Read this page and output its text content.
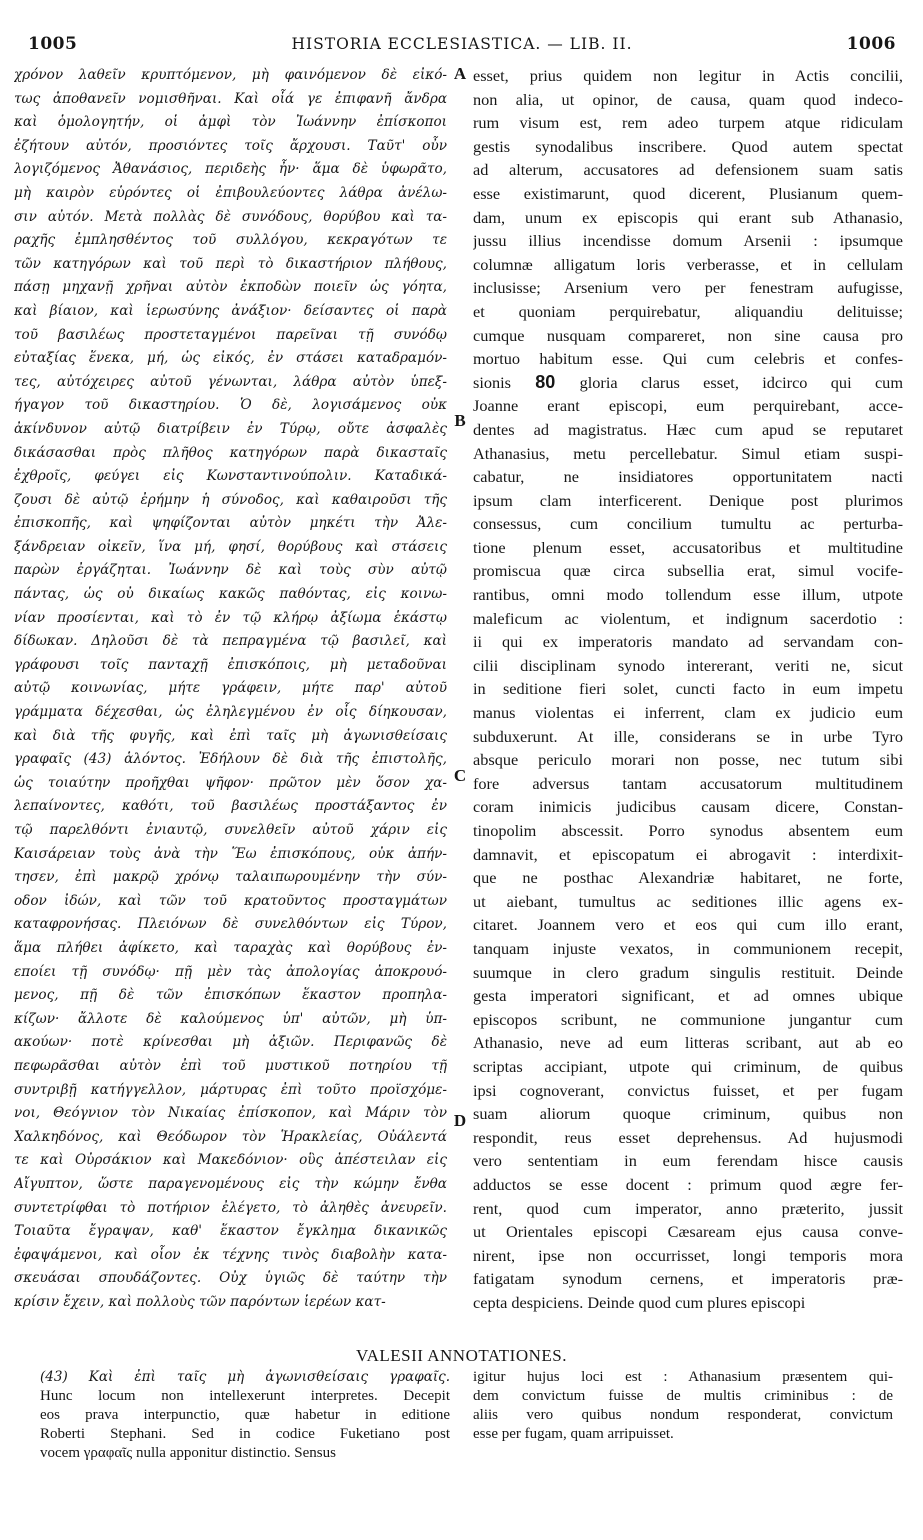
1005	HISTORIA ECCLESIASTICA. — LIB. II.	1006
χρόνον λαθεῖν κρυπτόμενον, μὴ φαινόμενον δὲ εἰκό-
τως ἀποθανεῖν νομισθῆναι. Καὶ οἷά γε ἐπιφανῆ ἄνδρα
καὶ ὁμολογητήν, οἱ ἀμφὶ τὸν Ἰωάννην ἐπίσκοποι
ἐζήτουν αὐτόν, προσιόντες τοῖς ἄρχουσι. Ταῦτ' οὖν
λογιζόμενος Ἀθανάσιος, περιδεὴς ἦν· ἅμα δὲ ὑφωρᾶτο,
μὴ καιρὸν εὑρόντες οἱ ἐπιβουλεύοντες λάθρα ἀνέλω-
σιν αὐτόν. Μετὰ πολλὰς δὲ συνόδους, θορύβου καὶ τα-
ραχῆς ἐμπλησθέντος τοῦ συλλόγου, κεκραγότων τε
τῶν κατηγόρων καὶ τοῦ περὶ τὸ δικαστήριον πλήθους,
πάσῃ μηχανῇ χρῆναι αὐτὸν ἐκποδὼν ποιεῖν ὡς γόητα,
καὶ βίαιον, καὶ ἱερωσύνης ἀνάξιον· δείσαντες οἱ παρὰ
τοῦ βασιλέως προστεταγμένοι παρεῖναι τῇ συνόδῳ
εὐταξίας ἕνεκα, μή, ὡς εἰκός, ἐν στάσει καταδραμόν-
τες, αὐτόχειρες αὐτοῦ γένωνται, λάθρα αὐτὸν ὑπεξ-
ήγαγον τοῦ δικαστηρίου. Ὁ δὲ, λογισάμενος οὐκ
ἀκίνδυνον αὐτῷ διατρίβειν ἐν Τύρῳ, οὔτε ἀσφαλὲς
δικάσασθαι πρὸς πλῆθος κατηγόρων παρὰ δικασταῖς
ἐχθροῖς, φεύγει εἰς Κωνσταντινούπολιν. Καταδικά-
ζουσι δὲ αὐτῷ ἐρήμην ἡ σύνοδος, καὶ καθαιροῦσι τῆς
ἐπισκοπῆς, καὶ ψηφίζονται αὐτὸν μηκέτι τὴν Ἀλε-
ξάνδρειαν οἰκεῖν, ἵνα μή, φησί, θορύβους καὶ στάσεις
παρὼν ἐργάζηται. Ἰωάννην δὲ καὶ τοὺς σὺν αὐτῷ
πάντας, ὡς οὐ δικαίως κακῶς παθόντας, εἰς κοινω-
νίαν προσίενται, καὶ τὸ ἐν τῷ κλήρῳ ἀξίωμα ἑκάστῳ
δίδωκαν. Δηλοῦσι δὲ τὰ πεπραγμένα τῷ βασιλεῖ, καὶ
γράφουσι τοῖς πανταχῇ ἐπισκόποις, μὴ μεταδοῦναι
αὐτῷ κοινωνίας, μήτε γράφειν, μήτε παρ' αὐτοῦ
γράμματα δέχεσθαι, ὡς ἐληλεγμένου ἐν οἷς δίηκουσαν,
καὶ διὰ τῆς φυγῆς, καὶ ἐπὶ ταῖς μὴ ἀγωνισθείσαις
γραφαῖς (43) ἁλόντος. Ἐδήλουν δὲ διὰ τῆς ἐπιστολῆς,
ὡς τοιαύτην προῆχθαι ψῆφον· πρῶτον μὲν ὅσον χα-
λεπαίνοντες, καθότι, τοῦ βασιλέως προστάξαντος ἐν
τῷ παρελθόντι ἐνιαυτῷ, συνελθεῖν αὐτοῦ χάριν εἰς
Καισάρειαν τοὺς ἀνὰ τὴν Ἕω ἐπισκόπους, οὐκ ἀπήν-
τησεν, ἐπὶ μακρῷ χρόνῳ ταλαιπωρουμένην τὴν σύν-
οδον ἰδών, καὶ τῶν τοῦ κρατοῦντος προσταγμάτων
καταφρονήσας. Πλειόνων δὲ συνελθόντων εἰς Τύρον,
ἅμα πλήθει ἀφίκετο, καὶ ταραχὰς καὶ θορύβους ἐν-
εποίει τῇ συνόδῳ· πῇ μὲν τὰς ἀπολογίας ἀποκρουό-
μενος, πῇ δὲ τῶν ἐπισκόπων ἕκαστον προπηλα-
κίζων· ἄλλοτε δὲ καλούμενος ὑπ' αὐτῶν, μὴ ὑπ-
ακούων· ποτὲ κρίνεσθαι μὴ ἀξιῶν. Περιφανῶς δὲ
πεφωρᾶσθαι αὐτὸν ἐπὶ τοῦ μυστικοῦ ποτηρίου τῇ
συντριβῇ κατήγγελλον, μάρτυρας ἐπὶ τοῦτο προϊσχόμε-
νοι, Θεόγνιον τὸν Νικαίας ἐπίσκοπον, καὶ Μάριν τὸν
Χαλκηδόνος, καὶ Θεόδωρον τὸν Ἡρακλείας, Οὐάλεντά
τε καὶ Οὐρσάκιον καὶ Μακεδόνιον· οὓς ἀπέστειλαν εἰς
Αἴγυπτον, ὥστε παραγενομένους εἰς τὴν κώμην ἔνθα
συντετρίφθαι τὸ ποτήριον ἐλέγετο, τὸ ἀληθὲς ἀνευρεῖν.
Τοιαῦτα ἔγραψαν, καθ' ἕκαστον ἔγκλημα δικανικῶς
ἐφαψάμενοι, καὶ οἷον ἐκ τέχνης τινὸς διαβολὴν κατα-
σκευάσαι σπουδάζοντες. Οὐχ ὑγιῶς δὲ ταύτην τὴν
κρίσιν ἔχειν, καὶ πολλοὺς τῶν παρόντων ἱερέων κατ-
A
B
C
D
esset, prius quidem non legitur in Actis concilii,
non alia, ut opinor, de causa, quam quod indeco-
rum visum est, rem adeo turpem atque ridiculam
gestis synodalibus inscribere. Quod autem spectat
ad alterum, accusatores ad defensionem suam satis
esse existimarunt, quod dicerent, Plusianum quem-
dam, unum ex episcopis qui erant sub Athanasio,
jussu illius incendisse domum Arsenii : ipsumque
columnæ alligatum loris verberasse, et in cellulam
inclusisse; Arsenium vero per fenestram aufugisse,
et quoniam perquirebatur, aliquandiu delituisse;
cumque nusquam compareret, non sine causa pro
mortuo habitum esse. Qui cum celebris et confes-
sionis 80 gloria clarus esset, idcirco qui cum
Joanne erant episcopi, eum perquirebant, acce-
dentes ad magistratus. Hæc cum apud se reputaret
Athanasius, metu percellebatur. Simul etiam suspi-
cabatur, ne insidiatores opportunitatem nacti
ipsum clam interficerent. Denique post plurimos
consessus, cum concilium tumultu ac perturba-
tione plenum esset, accusatoribus et multitudine
promiscua quæ circa subsellia erat, simul vocife-
rantibus, omni modo tollendum esse illum, utpote
maleficum ac violentum, et indignum sacerdotio :
ii qui ex imperatoris mandato ad servandam con-
cilii disciplinam synodo intererant, veriti ne, sicut
in seditione fieri solet, cuncti facto in eum impetu
manus violentas ei inferrent, clam ex judicio eum
subduxerunt. At ille, considerans se in urbe Tyro
absque periculo morari non posse, nec tutum sibi
fore adversus tantam accusatorum multitudinem
coram inimicis judicibus causam dicere, Constan-
tinopolim abscessit. Porro synodus absentem eum
damnavit, et episcopatum ei abrogavit : interdixit-
que ne posthac Alexandriæ habitaret, ne forte,
ut aiebant, tumultus ac seditiones illic agens ex-
citaret. Joannem vero et eos qui cum illo erant,
tanquam injuste vexatos, in communionem recepit,
suumque in clero gradum singulis restituit. Deinde
gesta imperatori significant, et ad omnes ubique
episcopos scribunt, ne communione jungantur cum
Athanasio, neve ad eum litteras scribant, aut ab eo
scriptas accipiant, utpote qui criminum, de quibus
ipsi cognoverant, convictus fuisset, et per fugam
suam aliorum quoque criminum, quibus non
respondit, reus esset deprehensus. Ad hujusmodi
vero sententiam in eum ferendam hisce causis
adductos se esse docent : primum quod ægre fer-
rent, quod cum imperator, anno præterito, jussit
ut Orientales episcopi Cæsaream ejus causa conve-
nirent, ipse non occurrisset, longi temporis mora
fatigatam synodum cernens, et imperatoris præ-
cepta despiciens. Deinde quod cum plures episcopi
VALESII ANNOTATIONES.
(43) Καὶ ἐπὶ ταῖς μὴ ἀγωνισθείσαις γραφαῖς.
Hunc locum non intellexerunt interpretes. Decepit
eos prava interpunctio, quæ habetur in editione
Roberti Stephani. Sed in codice Fuketiano post
vocem γραφαῖς nulla apponitur distinctio. Sensus
igitur hujus loci est : Athanasium præsentem qui-
dem convictum fuisse de multis criminibus : de
aliis vero quibus nondum responderat, convictum
esse per fugam, quam arripuisset.
